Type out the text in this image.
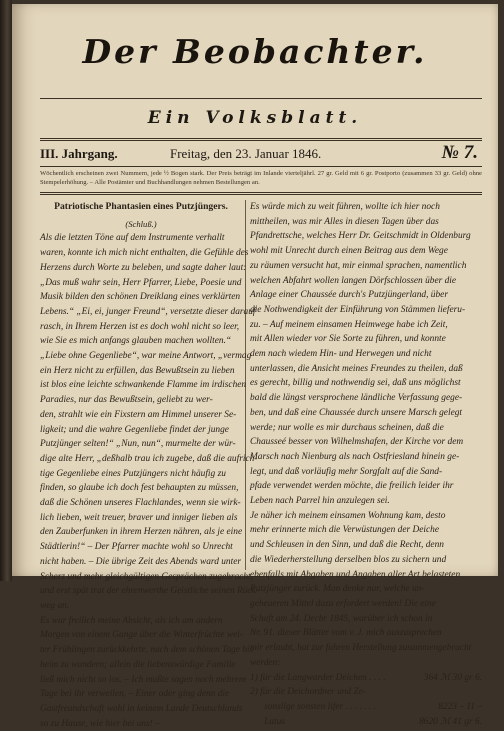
Der Beobachter.
Ein Volksblatt.
III. Jahrgang.	Freitag, den 23. Januar 1846.	№ 7.
Wöchentlich erscheinen zwei Nummern, jede ½ Bogen stark. Der Preis beträgt im Inlande vierteljährl. 27 gr. Geld mit 6 gr. Postporto (zusammen 33 gr. Geld) ohne Stempelerhöhung. – Alle Postämter und Buchhandlungen nehmen Bestellungen an.
Patriotische Phantasien eines Putzjüngers.
(Schluß.)
Als die letzten Töne auf dem Instrumente verhallt
waren, konnte ich mich nicht enthalten, die Gefühle des
Herzens durch Worte zu beleben, und sagte daher laut:
„Das muß wahr sein, Herr Pfarrer, Liebe, Poesie und
Musik bilden den schönen Dreiklang eines verklärten
Lebens.“ „Ei, ei, junger Freund“, versetzte dieser darauf
rasch, in Ihrem Herzen ist es doch wohl nicht so leer,
wie Sie es mich anfangs glauben machen wollten.“
„Liebe ohne Gegenliebe“, war meine Antwort, „vermag
ein Herz nicht zu erfüllen, das Bewußtsein zu lieben
ist blos eine leichte schwankende Flamme im irdischen
Paradies, nur das Bewußtsein, geliebt zu wer-
den, strahlt wie ein Fixstern am Himmel unserer Se-
ligkeit; und die wahre Gegenliebe findet der junge
Putzjünger selten!“ „Nun, nun“, murmelte der wür-
dige alte Herr, „deßhalb trau ich zugebe, daß die aufrich-
tige Gegenliebe eines Putzjüngers nicht häufig zu
finden, so glaube ich doch fest behaupten zu müssen,
daß die Schönen unseres Flachlandes, wenn sie wirk-
lich lieben, weit treuer, braver und inniger lieben als
den Zauberfunken in ihrem Herzen nähren, als je eine
Städtlerin!“ – Der Pfarrer machte wohl so Unrecht
nicht haben. – Die übrige Zeit des Abends ward unter
Scherz und mehr gleichgültigen Gesprächen zugebracht,
und erst spät trat der ehrenwerthe Geistliche seinen Rück-
weg an.
Es war freilich meine Absicht, als ich am andern
Morgen von einem Gange über die Winterfrüchte wei-
ter Frühlingen zurückkehrte, nach dem schönen Tage bis
heim zu wandern; allein die liebenswürdige Familie
ließ mich nicht so los. – Ich mußte sagen noch mehrere
Tage bei ihr verweilen, – Einer oder ging denn die
Gastfreundschaft wohl in keinem Lande Deutschlands
so zu Hause, wie hier bei uns! –
Es würde mich zu weit führen, wollte ich hier noch
mittheilen, was mir Alles in diesen Tagen über das
Pfandrettsche, welches Herr Dr. Geitschmidt in Oldenburg
wohl mit Unrecht durch einen Beitrag aus dem Wege
zu räumen versucht hat, mir einmal sprachen, namentlich
welchen Abfahrt wollen langen Dörfschlossen über die
Anlage einer Chaussée durch's Putzjüngerland, über
die Nothwendigkeit der Einführung von Stämmen lieferu-
zu. – Auf meinem einsamen Heimwege habe ich Zeit,
mit Allen wieder vor Sie Sorte zu führen, und konnte
dem nach wiedem Hin- und Herwegen und nicht
unterlassen, die Ansicht meines Freundes zu theilen, daß
es gerecht, billig und nothwendig sei, daß uns möglichst
bald die längst versprochene ländliche Verfassung gege-
ben, und daß eine Chaussée durch unsere Marsch gelegt
werde; nur wolle es mir durchaus scheinen, daß die
Chausseé besser von Wilhelmshafen, der Kirche vor dem
Marsch nach Nienburg als nach Ostfriesland hinein ge-
legt, und daß vorläufig mehr Sorgfalt auf die Sand-
pfade verwendet werden möchte, die freilich leider ihr
Leben nach Parrel hin anzulegen sei.
Je näher ich meinem einsamen Wohnung kam, desto
mehr erinnerte mich die Verwüstungen der Deiche
und Schleusen in den Sinn, und daß die Recht, denn
die Wiederherstellung derselben blos zu sichern und
ebenfalls mit Abgaben und Angaben aller Art belasteten
Putzjünger zurück. Man denke nur, welche un-
geheueren Mittel dazu erfordert werden! Die eine
Schaft am 24. Decbr 1845, warüber ich schon in
Nr. 91. dieser Blätter vom v. J. mich auszusprechen
mir erlaubt, hat zur fahren Herstellung zusammengebracht
werden:
1) für die Langwarder Deichen . . . .	364 ℳ 30 gr 6.
2) für die Deichordner und Ze-
sonslige sonsten lifer . . . . . . .	8223 – 11 –
Latus	8620 ℳ 41 gr 6.
